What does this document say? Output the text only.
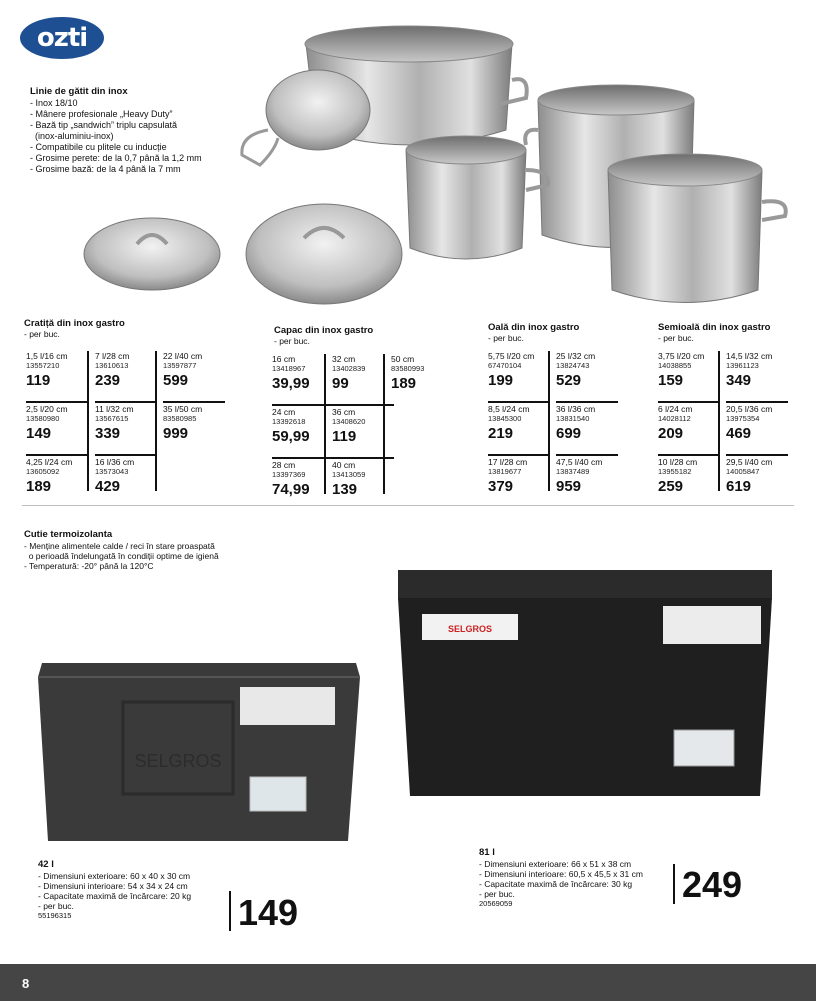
ozti
Linie de gătit din inox
- Inox 18/10
- Mânere profesionale „Heavy Duty”
- Bază tip „sandwich” triplu capsulată
(inox-aluminiu-inox)
- Compatibile cu plitele cu inducție
- Grosime perete: de la 0,7 până la 1,2 mm
- Grosime bază: de la 4 până la 7 mm
Cratiță din inox gastro
- per buc.
1,5 l/16 cm
13557210
119
2,5 l/20 cm
13580980
149
4,25 l/24 cm
13605092
189
7 l/28 cm
13610613
239
11 l/32 cm
13567615
339
16 l/36 cm
13573043
429
22 l/40 cm
13597877
599
35 l/50 cm
83580985
999
Capac din inox gastro
- per buc.
16 cm
13418967
39,99
24 cm
13392618
59,99
28 cm
13397369
74,99
32 cm
13402839
99
36 cm
13408620
119
40 cm
13413059
139
50 cm
83580993
189
Oală din inox gastro
- per buc.
5,75 l/20 cm
67470104
199
8,5 l/24 cm
13845300
219
17 l/28 cm
13819677
379
25 l/32 cm
13824743
529
36 l/36 cm
13831540
699
47,5 l/40 cm
13837489
959
Semioală din inox gastro
- per buc.
3,75 l/20 cm
14038855
159
6 l/24 cm
14028112
209
10 l/28 cm
13955182
259
14,5 l/32 cm
13961123
349
20,5 l/36 cm
13975354
469
29,5 l/40 cm
14005847
619
Cutie termoizolanta
- Menține alimentele calde / reci în stare proaspată
o perioadă îndelungată în condiții optime de igienă
- Temperatură: -20° până la 120°C
SELGROS
SELGROS
42 l
- Dimensiuni exterioare: 60 x 40 x 30 cm
- Dimensiuni interioare: 54 x 34 x 24 cm
- Capacitate maximă de încărcare: 20 kg
- per buc.
55196315	149
81 l
- Dimensiuni exterioare: 66 x 51 x 38 cm
- Dimensiuni interioare: 60,5 x 45,5 x 31 cm
- Capacitate maximă de încărcare: 30 kg
- per buc.
20569059	249
8
